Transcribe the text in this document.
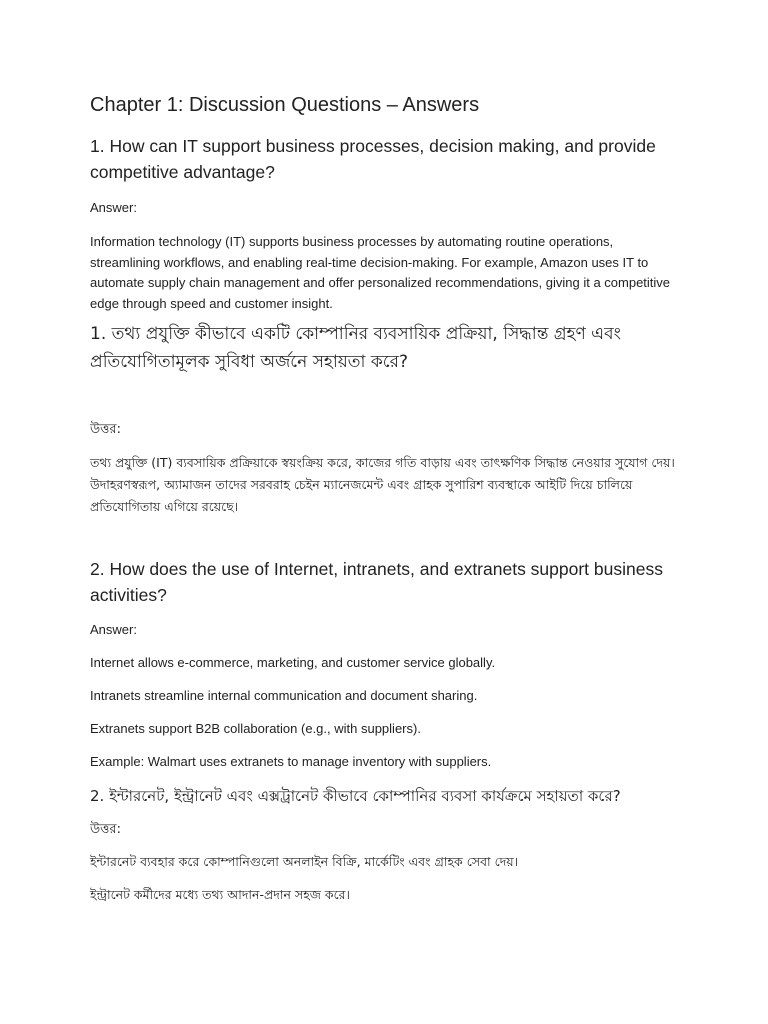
Chapter 1: Discussion Questions – Answers

1. How can IT support business processes, decision making, and provide competitive advantage?

Answer:

Information technology (IT) supports business processes by automating routine operations, streamlining workflows, and enabling real-time decision-making. For example, Amazon uses IT to automate supply chain management and offer personalized recommendations, giving it a competitive edge through speed and customer insight.

1. তথ্য প্রযুক্তি কীভাবে একটি কোম্পানির ব্যবসায়িক প্রক্রিয়া, সিদ্ধান্ত গ্রহণ এবং প্রতিযোগিতামূলক সুবিধা অর্জনে সহায়তা করে?

উত্তর:

তথ্য প্রযুক্তি (IT) ব্যবসায়িক প্রক্রিয়াকে স্বয়ংক্রিয় করে, কাজের গতি বাড়ায় এবং তাৎক্ষণিক সিদ্ধান্ত নেওয়ার সুযোগ দেয়। উদাহরণস্বরূপ, অ্যামাজন তাদের সরবরাহ চেইন ম্যানেজমেন্ট এবং গ্রাহক সুপারিশ ব্যবস্থাকে আইটি দিয়ে চালিয়ে প্রতিযোগিতায় এগিয়ে রয়েছে।

2. How does the use of Internet, intranets, and extranets support business activities?

Answer:

Internet allows e-commerce, marketing, and customer service globally.

Intranets streamline internal communication and document sharing.

Extranets support B2B collaboration (e.g., with suppliers).

Example: Walmart uses extranets to manage inventory with suppliers.

2. ইন্টারনেট, ইন্ট্রানেট এবং এক্সট্রানেট কীভাবে কোম্পানির ব্যবসা কার্যক্রমে সহায়তা করে?

উত্তর:

ইন্টারনেট ব্যবহার করে কোম্পানিগুলো অনলাইন বিক্রি, মার্কেটিং এবং গ্রাহক সেবা দেয়।

ইন্ট্রানেট কর্মীদের মধ্যে তথ্য আদান-প্রদান সহজ করে।
